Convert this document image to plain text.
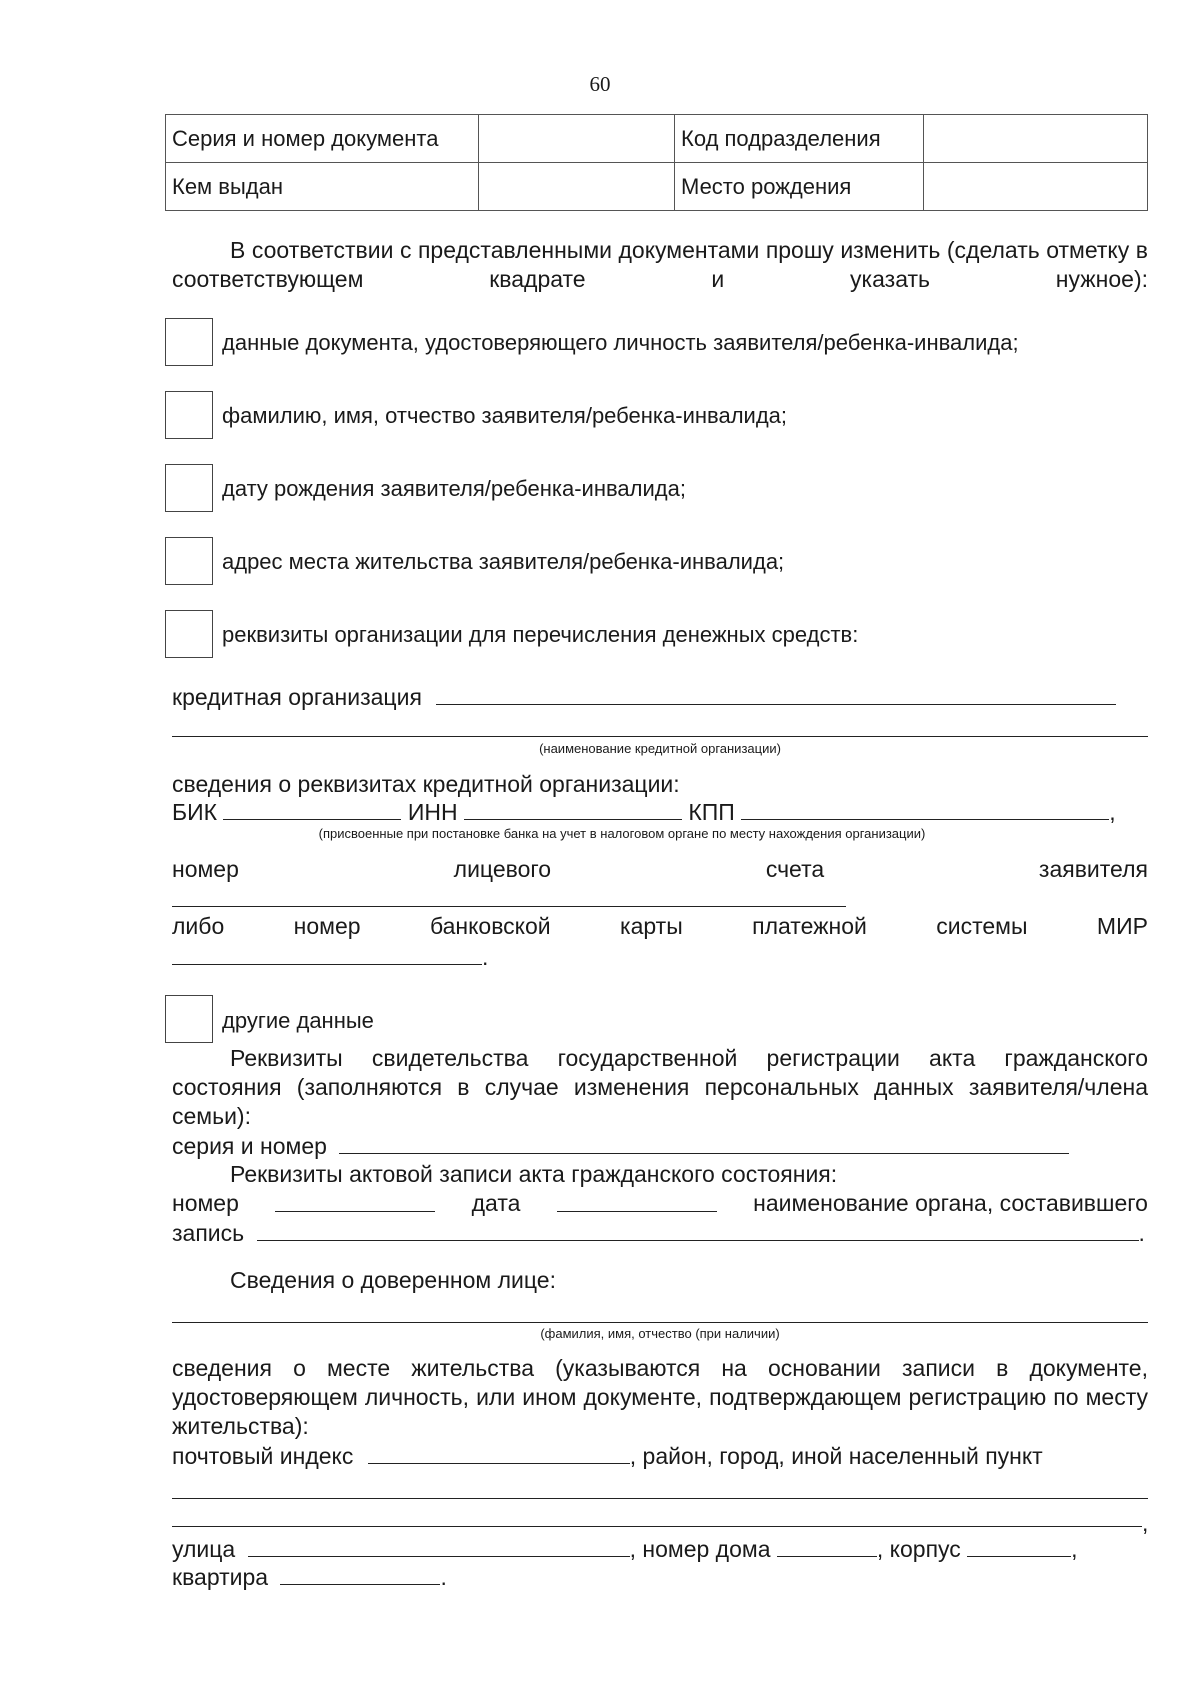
60
Серия и номер документа		Код подразделения	
Кем выдан		Место рождения	
В соответствии с представленными документами прошу изменить (сделать отметку в соответствующем квадрате и указать нужное):
данные документа, удостоверяющего личность заявителя/ребенка-инвалида;
фамилию, имя, отчество заявителя/ребенка-инвалида;
дату рождения заявителя/ребенка-инвалида;
адрес места жительства заявителя/ребенка-инвалида;
реквизиты организации для перечисления денежных средств:
кредитная организация
(наименование кредитной организации)
сведения о реквизитах кредитной организации:
БИК	ИНН	КПП	,
(присвоенные при постановке банка на учет в налоговом органе по месту нахождения организации)
номер	лицевого	счета	заявителя
либо	номер	банковской	карты	платежной	системы	МИР
.
другие данные
Реквизиты свидетельства государственной регистрации акта гражданского состояния (заполняются в случае изменения персональных данных заявителя/члена семьи):
серия и номер
Реквизиты актовой записи акта гражданского состояния:
номер	дата	наименование органа, составившего
запись	.
Сведения о доверенном лице:
(фамилия, имя, отчество (при наличии)
сведения о месте жительства (указываются на основании записи в документе, удостоверяющем личность, или ином документе, подтверждающем регистрацию по месту жительства):
почтовый индекс	, район, город, иной населенный пункт
,
улица	, номер дома	, корпус	,
квартира	.
